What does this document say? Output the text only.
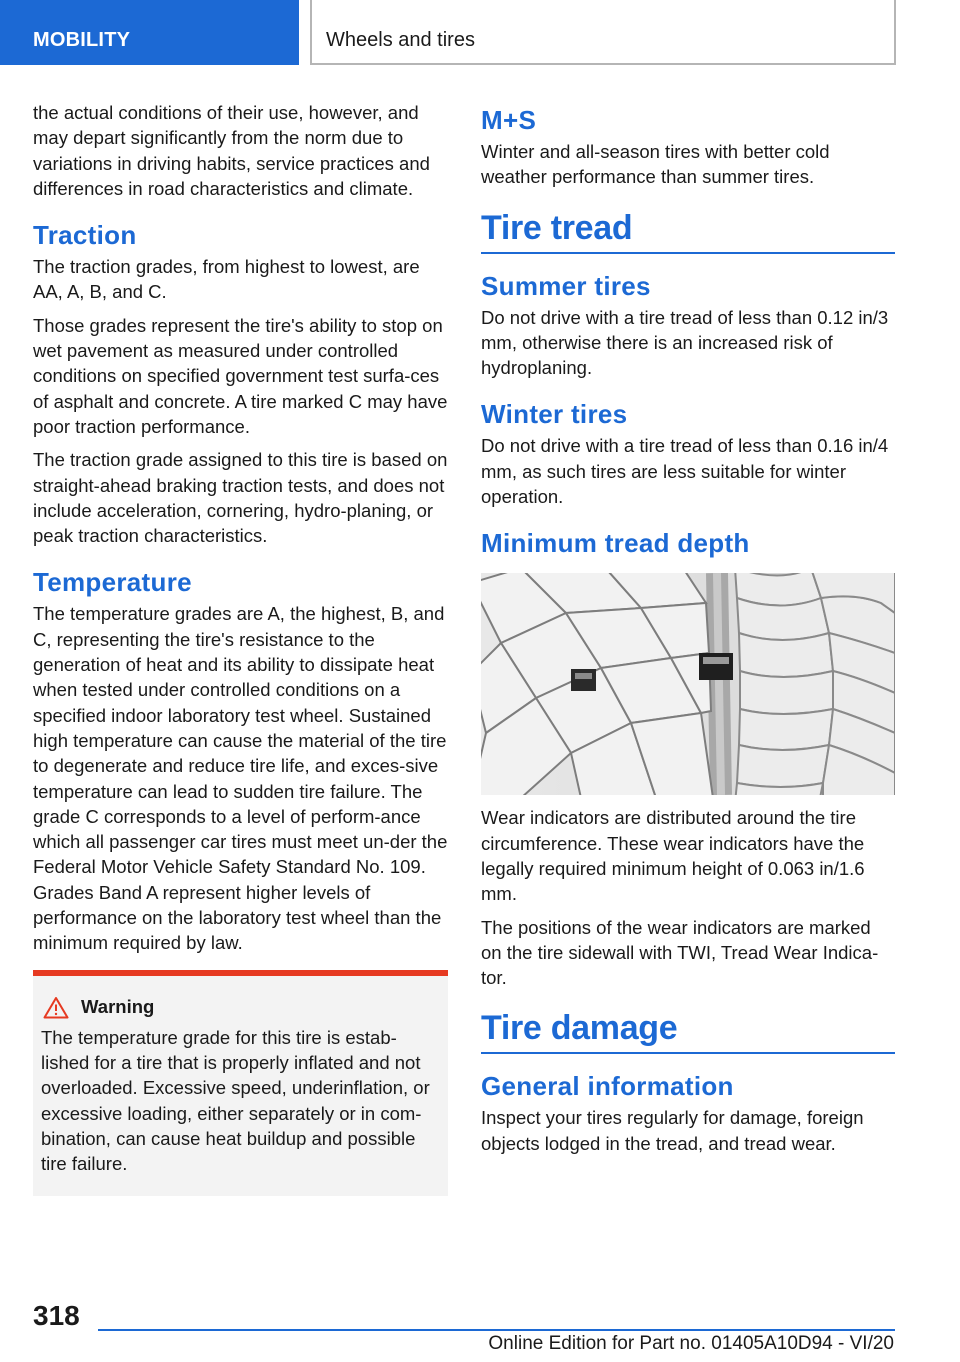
MOBILITY	Wheels and tires

the actual conditions of their use, however, and may depart significantly from the norm due to variations in driving habits, service practices and differences in road characteristics and climate.

Traction

The traction grades, from highest to lowest, are AA, A, B, and C.

Those grades represent the tire's ability to stop on wet pavement as measured under controlled conditions on specified government test surfa‐ces of asphalt and concrete. A tire marked C may have poor traction performance.

The traction grade assigned to this tire is based on straight-ahead braking traction tests, and does not include acceleration, cornering, hydro‐planing, or peak traction characteristics.

Temperature

The temperature grades are A, the highest, B, and C, representing the tire's resistance to the generation of heat and its ability to dissipate heat when tested under controlled conditions on a specified indoor laboratory test wheel. Sustained high temperature can cause the material of the tire to degenerate and reduce tire life, and exces‐sive temperature can lead to sudden tire failure. The grade C corresponds to a level of perform‐ance which all passenger car tires must meet un‐der the Federal Motor Vehicle Safety Standard No. 109. Grades Band A represent higher levels of performance on the laboratory test wheel than the minimum required by law.

Warning

The temperature grade for this tire is estab‐lished for a tire that is properly inflated and not overloaded. Excessive speed, underinflation, or excessive loading, either separately or in com‐bination, can cause heat buildup and possible tire failure.

M+S

Winter and all-season tires with better cold weather performance than summer tires.

Tire tread
Summer tires

Do not drive with a tire tread of less than 0.12 in/3 mm, otherwise there is an increased risk of hydroplaning.

Winter tires

Do not drive with a tire tread of less than 0.16 in/4 mm, as such tires are less suitable for winter operation.

Minimum tread depth

Wear indicators are distributed around the tire circumference. These wear indicators have the legally required minimum height of 0.063 in/1.6 mm.

The positions of the wear indicators are marked on the tire sidewall with TWI, Tread Wear Indica‐tor.

Tire damage
General information

Inspect your tires regularly for damage, foreign objects lodged in the tread, and tread wear.

318
Online Edition for Part no. 01405A10D94 - VI/20
